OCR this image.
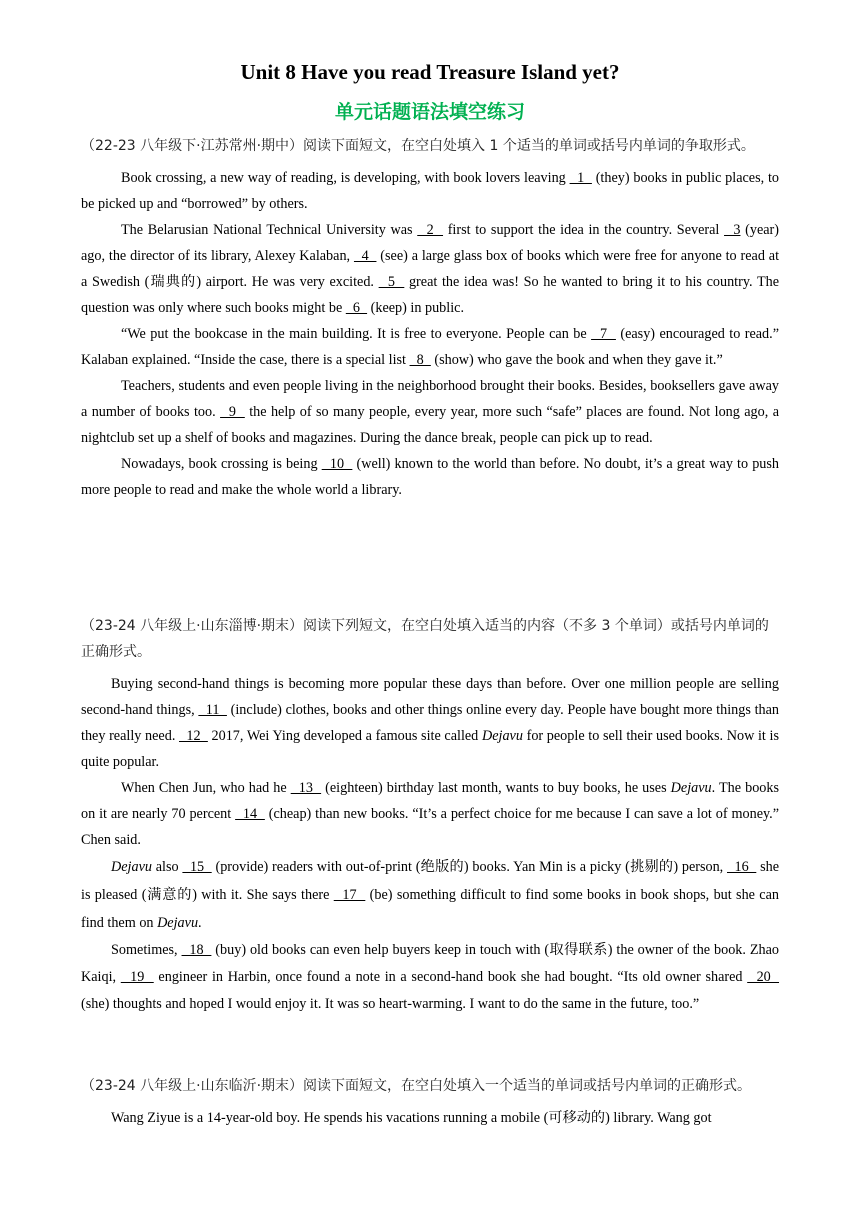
Unit 8 Have you read Treasure Island yet?
单元话题语法填空练习

（22-23 八年级下·江苏常州·期中）阅读下面短文，在空白处填入 1 个适当的单词或括号内单词的争取形式。

Book crossing, a new way of reading, is developing, with book lovers leaving   1   (they) books in public places, to be picked up and “borrowed” by others.

The Belarusian National Technical University was   2   first to support the idea in the country. Several   3 (year) ago, the director of its library, Alexey Kalaban,   4   (see) a large glass box of books which were free for anyone to read at a Swedish (瑞典的) airport. He was very excited.   5   great the idea was! So he wanted to bring it to his country. The question was only where such books might be   6   (keep) in public.

“We put the bookcase in the main building. It is free to everyone. People can be   7   (easy) encouraged to read.” Kalaban explained. “Inside the case, there is a special list   8   (show) who gave the book and when they gave it.”

Teachers, students and even people living in the neighborhood brought their books. Besides, booksellers gave away a number of books too.   9   the help of so many people, every year, more such “safe” places are found. Not long ago, a nightclub set up a shelf of books and magazines. During the dance break, people can pick up to read.

Nowadays, book crossing is being   10   (well) known to the world than before. No doubt, it’s a great way to push more people to read and make the whole world a library.

（23-24 八年级上·山东淄博·期末）阅读下列短文，在空白处填入适当的内容（不多 3 个单词）或括号内单词的正确形式。

Buying second-hand things is becoming more popular these days than before. Over one million people are selling second-hand things,   11   (include) clothes, books and other things online every day. People have bought more things than they really need.   12   2017, Wei Ying developed a famous site called Dejavu for people to sell their used books. Now it is quite popular.

When Chen Jun, who had he   13   (eighteen) birthday last month, wants to buy books, he uses Dejavu. The books on it are nearly 70 percent   14   (cheap) than new books. “It’s a perfect choice for me because I can save a lot of money.” Chen said.

Dejavu also   15   (provide) readers with out-of-print (绝版的) books. Yan Min is a picky (挑剔的) person,   16   she is pleased (满意的) with it. She says there   17   (be) something difficult to find some books in book shops, but she can find them on Dejavu.

Sometimes,   18   (buy) old books can even help buyers keep in touch with (取得联系) the owner of the book. Zhao Kaiqi,   19   engineer in Harbin, once found a note in a second-hand book she had bought. “Its old owner shared   20   (she) thoughts and hoped I would enjoy it. It was so heart-warming. I want to do the same in the future, too.”

（23-24 八年级上·山东临沂·期末）阅读下面短文，在空白处填入一个适当的单词或括号内单词的正确形式。

Wang Ziyue is a 14-year-old boy. He spends his vacations running a mobile (可移动的) library. Wang got
